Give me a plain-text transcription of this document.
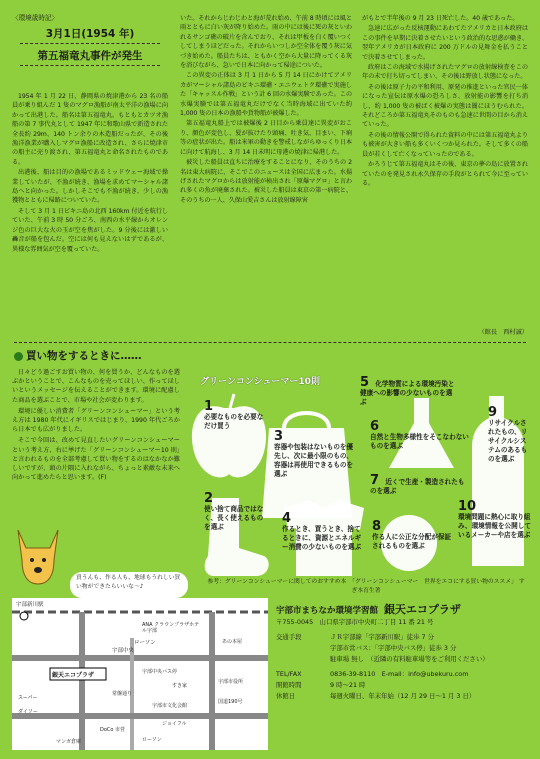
〈環境歳時記〉
3月1日(1954 年)
第五福竜丸事件が発生

1954 年 1 月 22 日、静岡県の焼津港から 23 名の船員が乗り組んだ 1 隻のマグロ漁船が南太平洋の漁場に向かって出港した。船名は第五福竜丸。もともとカツオ漁船の第 7 事代丸として 1947 年に和歌山県で新造された全長約 29m、140 トン余りの木造船だったが、その後漁洋漁業が購入しマグロ漁船に改造され、さらに焼津市の船主に売り渡され、第五福竜丸と命名されたものである。

出港後、船は目的の漁場であるミッドウェー海域で操業していたが、不漁が続き、漁場を求めてマーシャル諸島へと向かった。しかしそこでも不漁が続き、少しの漁獲物とともに帰路についていた。

そして 3 月 1 日ビキニ島の北西 160km 付近を航行していた、午前 3 時 50 分ごろ、南西の水平線からオレンジ色の巨大な火の玉が空を焦がした。9 分後には激しい轟音が船を包んだ。空には何も見えないはずであるが、異様な雰囲気が空を覆っていた。

いた。それからじわじわと海が荒れ始め、午前 8 時頃には風と雨とともに白い灰が降り始めた。雨の中には後に死の灰といわれるサンゴ礁の破片を含んでおり、それは甲板を白く覆いつくしてしまうほどだった。それからいつしか空全体を覆う灰に気づき始めた。船員たちは、ともかく空から大量に降ってくる灰を浴びながら、急いで日本に向かって帰途についた。

この異変の正体は 3 月 1 日から 5 月 14 日にかけてアメリカがマーシャル諸島のビキニ環礁・エニウェトク環礁で実施した「キャッスル作戦」という計 6 回の水爆実験であった。この水爆実験では第五福竜丸だけでなく当時海域に出ていた約 1,000 隻の日本の漁船や貨物船が被爆した。

第五福竜丸船上では被爆後 2 日目から乗員達に異変がおこり、顔色が変色し、髪が抜けたり頭痛、吐き気、目まい、下痢等の症状が出た。船は米軍の動きを警戒しながらゆっくり日本に向けて航海し、3 月 14 日未明に母港の焼津に帰港した。

被災した船員は直ちに治療をすることになり、そのうちの 2 名は東大病院に、そこでこのニュースは全国に広まった。水揚げされたマグロからは放射能が検出され「原爆マグロ」と言われ多くの魚が廃棄された。被災した船員は東京の第一病院と、そのうちの一人、久保山愛吉さんは放射線障害

がもとで半年後の 9 月 23 日死亡した。40 歳であった。

急速に広がった反核運動にあわてたアメリカと日本政府はこの事件を早期に決着させたいという政治的な思惑が働き、翌年アメリカが日本政府に 200 万ドルの見舞金を払うことで決着させてしまった。

政府はこの海域で水揚げされたマグロの放射線検査をこの年の末で打ち切ってしまい、その後は野放し状態になった。

その後は原子力の平和利用、原発の推進といった官民一体になった宣伝は原水爆の恐ろしさ、放射能の影響を打ち消し、約 1,000 隻の被ばく被爆の実態は闇にほうむられた。それどころか第五福竜丸そのものも急速に世間の目から消えていった。

その後の情報公開で得られた資料の中には第五福竜丸よりも被害が大きい船も多くいくつか見られた。そして多くの船員が若くして亡くなっていったのである。

かろうじて第五福竜丸はその後、東京の夢の島に放置されていたのを発見され永久保存の手段がとられて今に至っている。

（館長　西村誠）
買い物をするときに……

日々どう過ごすお買い物の、何を買うか、どんなものを選ぶかということで、こんなものを売ってほしい、作ってほしいというメッセージを伝えることができます。環境に配慮した商品を選ぶことで、市場や社会が変わります。

環境に優しい消費者「グリーンコンシューマー」という考え方は 1980 年代にイギリスではじまり、1990 年代ごろから日本でも広がりました。

そこで今回は、改めて見直したいグリーンコンシューマーという考え方、右に挙げた「グリーンコンシューマー10 則」と言われるものを全部考慮して買い物をするのはなかなか難しいですが、頭の片隅に入れながら、ちょっと素敵な未来へ向かって進めたらと思います。(F)

グリーンコンシューマー10則
1
必要なものを必要なだけ買う
2
使い捨て商品ではなく、長く使えるものを選ぶ
3
容器や包装はないものを優先し、次に最小限のもの、容器は再使用できるものを選ぶ
4
作るとき、買うとき、捨てるときに、資源とエネルギー消費の少ないものを選ぶ
5 化学物質による環境汚染と健康への影響の少ないものを選ぶ
6
自然と生物多様性をそこなわないものを選ぶ
7 近くで生産・製造されたものを選ぶ
8
作る人に公正な分配が保証されるものを選ぶ
9
リサイクルされたもの、リサイクルシステムのあるものを選ぶ
10
環境問題に熱心に取り組み、環境情報を公開しているメーカーや店を選ぶ
買うんも、作る人も、地球もうれしい買い物ができたらいいな～♪
参考：グリーンコンシューマーに関してのおすすめ本　「グリーンコンシューマー　世界をエコにする買い物のススメ」 すぎ本育生著
宇部新川駅
宇部中央
銀天エコプラザ
ANA クラウンプラザホテル宇部
ローソン
宇部中央バス停
常盤通り
宇部市役所
国道190号
スーパー
ダイソー
宇部市文化会館
DoCo 市営
マンガ倉庫	ローソン
ジョイフル
あの本屋
すき家
宇部市まちなか環境学習館 銀天エコプラザ
〒755-0045　山口県宇部市中央町二丁目 11 番 21 号
交通手段	ＪＲ宇部線「宇部新川駅」徒歩 7 分
宇部市営バス：「宇部中央バス停」徒歩 3 分
駐車場 無し　（近隣の有料駐車場等をご利用ください）
TEL/FAX	0836-39-8110　E-mail：info@ubekuru.com
開館時間	9 時～21 時
休館日	毎週火曜日、年末年始（12 月 29 日～1 月 3 日）
